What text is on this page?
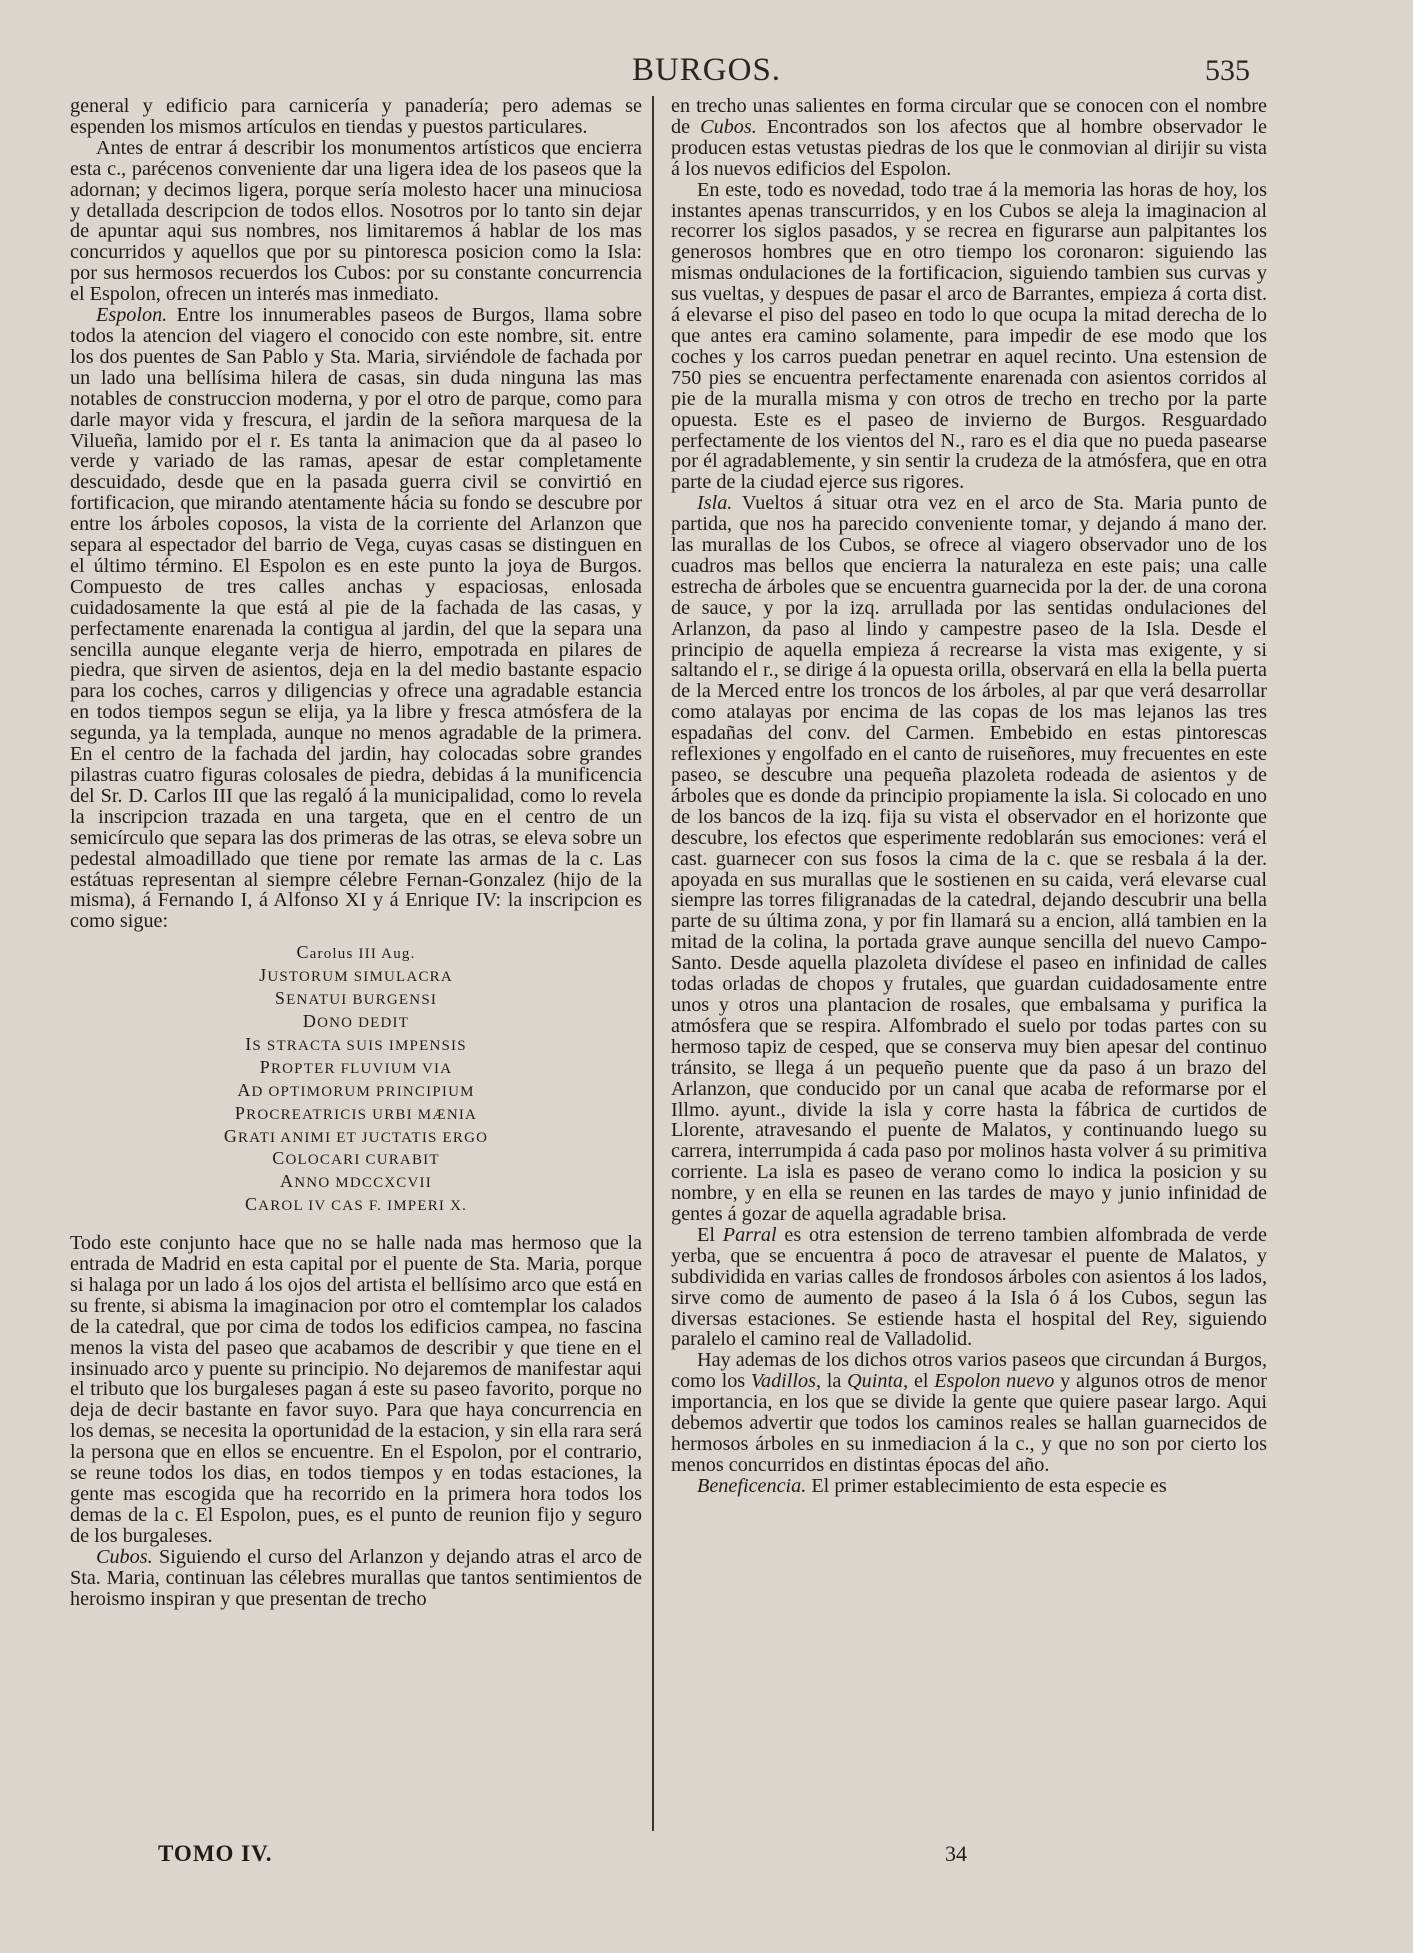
BURGOS.	535

general y edificio para carnicería y panadería; pero ademas se espenden los mismos artículos en tiendas y puestos particulares.

Antes de entrar á describir los monumentos artísticos que encierra esta c., parécenos conveniente dar una ligera idea de los paseos que la adornan; y decimos ligera, porque sería molesto hacer una minuciosa y detallada descripcion de todos ellos. Nosotros por lo tanto sin dejar de apuntar aqui sus nombres, nos limitaremos á hablar de los mas concurridos y aquellos que por su pintoresca posicion como la Isla: por sus hermosos recuerdos los Cubos: por su constante concurrencia el Espolon, ofrecen un interés mas inmediato.

Espolon. Entre los innumerables paseos de Burgos, llama sobre todos la atencion del viagero el conocido con este nombre, sit. entre los dos puentes de San Pablo y Sta. Maria, sirviéndole de fachada por un lado una bellísima hilera de casas, sin duda ninguna las mas notables de construccion moderna, y por el otro de parque, como para darle mayor vida y frescura, el jardin de la señora marquesa de la Vilueña, lamido por el r. Es tanta la animacion que da al paseo lo verde y variado de las ramas, apesar de estar completamente descuidado, desde que en la pasada guerra civil se convirtió en fortificacion, que mirando atentamente hácia su fondo se descubre por entre los árboles coposos, la vista de la corriente del Arlanzon que separa al espectador del barrio de Vega, cuyas casas se distinguen en el último término. El Espolon es en este punto la joya de Burgos. Compuesto de tres calles anchas y espaciosas, enlosada cuidadosamente la que está al pie de la fachada de las casas, y perfectamente enarenada la contigua al jardin, del que la separa una sencilla aunque elegante verja de hierro, empotrada en pilares de piedra, que sirven de asientos, deja en la del medio bastante espacio para los coches, carros y diligencias y ofrece una agradable estancia en todos tiempos segun se elija, ya la libre y fresca atmósfera de la segunda, ya la templada, aunque no menos agradable de la primera. En el centro de la fachada del jardin, hay colocadas sobre grandes pilastras cuatro figuras colosales de piedra, debidas á la munificencia del Sr. D. Carlos III que las regaló á la municipalidad, como lo revela la inscripcion trazada en una targeta, que en el centro de un semicírculo que separa las dos primeras de las otras, se eleva sobre un pedestal almoadillado que tiene por remate las armas de la c. Las estátuas representan al siempre célebre Fernan-Gonzalez (hijo de la misma), á Fernando I, á Alfonso XI y á Enrique IV: la inscripcion es como sigue:

Carolus III Aug.
JUSTORUM SIMULACRA
SENATUI BURGENSI
DONO DEDIT
IS STRACTA SUIS IMPENSIS
PROPTER FLUVIUM VIA
AD OPTIMORUM PRINCIPIUM
PROCREATRICIS URBI MÆNIA
GRATI ANIMI ET JUCTATIS ERGO
COLOCARI CURABIT
ANNO MDCCXCVII
CAROL IV CAS F. IMPERI X.

Todo este conjunto hace que no se halle nada mas hermoso que la entrada de Madrid en esta capital por el puente de Sta. Maria, porque si halaga por un lado á los ojos del artista el bellísimo arco que está en su frente, si abisma la imaginacion por otro el comtemplar los calados de la catedral, que por cima de todos los edificios campea, no fascina menos la vista del paseo que acabamos de describir y que tiene en el insinuado arco y puente su principio. No dejaremos de manifestar aqui el tributo que los burgaleses pagan á este su paseo favorito, porque no deja de decir bastante en favor suyo. Para que haya concurrencia en los demas, se necesita la oportunidad de la estacion, y sin ella rara será la persona que en ellos se encuentre. En el Espolon, por el contrario, se reune todos los dias, en todos tiempos y en todas estaciones, la gente mas escogida que ha recorrido en la primera hora todos los demas de la c. El Espolon, pues, es el punto de reunion fijo y seguro de los burgaleses.

Cubos. Siguiendo el curso del Arlanzon y dejando atras el arco de Sta. Maria, continuan las célebres murallas que tantos sentimientos de heroismo inspiran y que presentan de trecho

en trecho unas salientes en forma circular que se conocen con el nombre de Cubos. Encontrados son los afectos que al hombre observador le producen estas vetustas piedras de los que le conmovian al dirijir su vista á los nuevos edificios del Espolon.

En este, todo es novedad, todo trae á la memoria las horas de hoy, los instantes apenas transcurridos, y en los Cubos se aleja la imaginacion al recorrer los siglos pasados, y se recrea en figurarse aun palpitantes los generosos hombres que en otro tiempo los coronaron: siguiendo las mismas ondulaciones de la fortificacion, siguiendo tambien sus curvas y sus vueltas, y despues de pasar el arco de Barrantes, empieza á corta dist. á elevarse el piso del paseo en todo lo que ocupa la mitad derecha de lo que antes era camino solamente, para impedir de ese modo que los coches y los carros puedan penetrar en aquel recinto. Una estension de 750 pies se encuentra perfectamente enarenada con asientos corridos al pie de la muralla misma y con otros de trecho en trecho por la parte opuesta. Este es el paseo de invierno de Burgos. Resguardado perfectamente de los vientos del N., raro es el dia que no pueda pasearse por él agradablemente, y sin sentir la crudeza de la atmósfera, que en otra parte de la ciudad ejerce sus rigores.

Isla. Vueltos á situar otra vez en el arco de Sta. Maria punto de partida, que nos ha parecido conveniente tomar, y dejando á mano der. las murallas de los Cubos, se ofrece al viagero observador uno de los cuadros mas bellos que encierra la naturaleza en este pais; una calle estrecha de árboles que se encuentra guarnecida por la der. de una corona de sauce, y por la izq. arrullada por las sentidas ondulaciones del Arlanzon, da paso al lindo y campestre paseo de la Isla. Desde el principio de aquella empieza á recrearse la vista mas exigente, y si saltando el r., se dirige á la opuesta orilla, observará en ella la bella puerta de la Merced entre los troncos de los árboles, al par que verá desarrollar como atalayas por encima de las copas de los mas lejanos las tres espadañas del conv. del Carmen. Embebido en estas pintorescas reflexiones y engolfado en el canto de ruiseñores, muy frecuentes en este paseo, se descubre una pequeña plazoleta rodeada de asientos y de árboles que es donde da principio propiamente la isla. Si colocado en uno de los bancos de la izq. fija su vista el observador en el horizonte que descubre, los efectos que esperimente redoblarán sus emociones: verá el cast. guarnecer con sus fosos la cima de la c. que se resbala á la der. apoyada en sus murallas que le sostienen en su caida, verá elevarse cual siempre las torres filigranadas de la catedral, dejando descubrir una bella parte de su última zona, y por fin llamará su a encion, allá tambien en la mitad de la colina, la portada grave aunque sencilla del nuevo Campo-Santo. Desde aquella plazoleta divídese el paseo en infinidad de calles todas orladas de chopos y frutales, que guardan cuidadosamente entre unos y otros una plantacion de rosales, que embalsama y purifica la atmósfera que se respira. Alfombrado el suelo por todas partes con su hermoso tapiz de cesped, que se conserva muy bien apesar del continuo tránsito, se llega á un pequeño puente que da paso á un brazo del Arlanzon, que conducido por un canal que acaba de reformarse por el Illmo. ayunt., divide la isla y corre hasta la fábrica de curtidos de Llorente, atravesando el puente de Malatos, y continuando luego su carrera, interrumpida á cada paso por molinos hasta volver á su primitiva corriente. La isla es paseo de verano como lo indica la posicion y su nombre, y en ella se reunen en las tardes de mayo y junio infinidad de gentes á gozar de aquella agradable brisa.

El Parral es otra estension de terreno tambien alfombrada de verde yerba, que se encuentra á poco de atravesar el puente de Malatos, y subdividida en varias calles de frondosos árboles con asientos á los lados, sirve como de aumento de paseo á la Isla ó á los Cubos, segun las diversas estaciones. Se estiende hasta el hospital del Rey, siguiendo paralelo el camino real de Valladolid.

Hay ademas de los dichos otros varios paseos que circundan á Burgos, como los Vadillos, la Quinta, el Espolon nuevo y algunos otros de menor importancia, en los que se divide la gente que quiere pasear largo. Aqui debemos advertir que todos los caminos reales se hallan guarnecidos de hermosos árboles en su inmediacion á la c., y que no son por cierto los menos concurridos en distintas épocas del año.

Beneficencia. El primer establecimiento de esta especie es

TOMO IV.	34
